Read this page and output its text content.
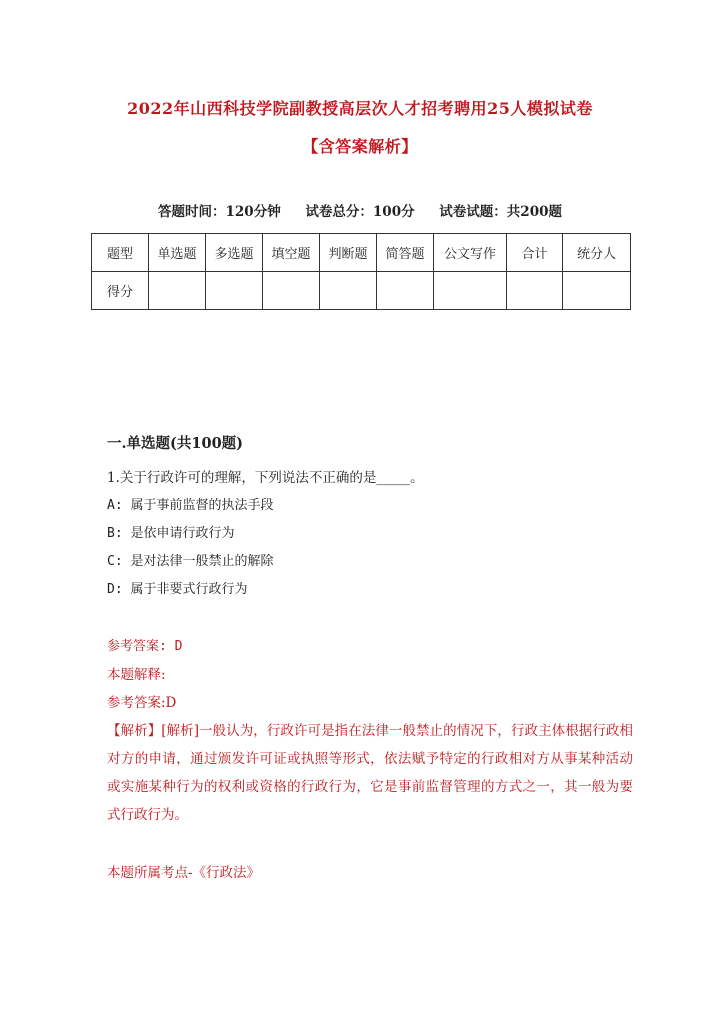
2022年山西科技学院副教授高层次人才招考聘用25人模拟试卷
【含答案解析】
答题时间：120分钟 试卷总分：100分 试卷试题：共200题
题型	单选题	多选题	填空题	判断题	简答题	公文写作	合计	统分人
得分								
一.单选题(共100题)
1.关于行政许可的理解，下列说法不正确的是_____。
A: 属于事前监督的执法手段
B: 是依申请行政行为
C: 是对法律一般禁止的解除
D: 属于非要式行政行为
参考答案: D
本题解释:
参考答案:D
【解析】[解析]一般认为，行政许可是指在法律一般禁止的情况下，行政主体根据行政相对方的申请，通过颁发许可证或执照等形式，依法赋予特定的行政相对方从事某种活动或实施某种行为的权利或资格的行政行为，它是事前监督管理的方式之一，其一般为要式行政行为。
本题所属考点-《行政法》
